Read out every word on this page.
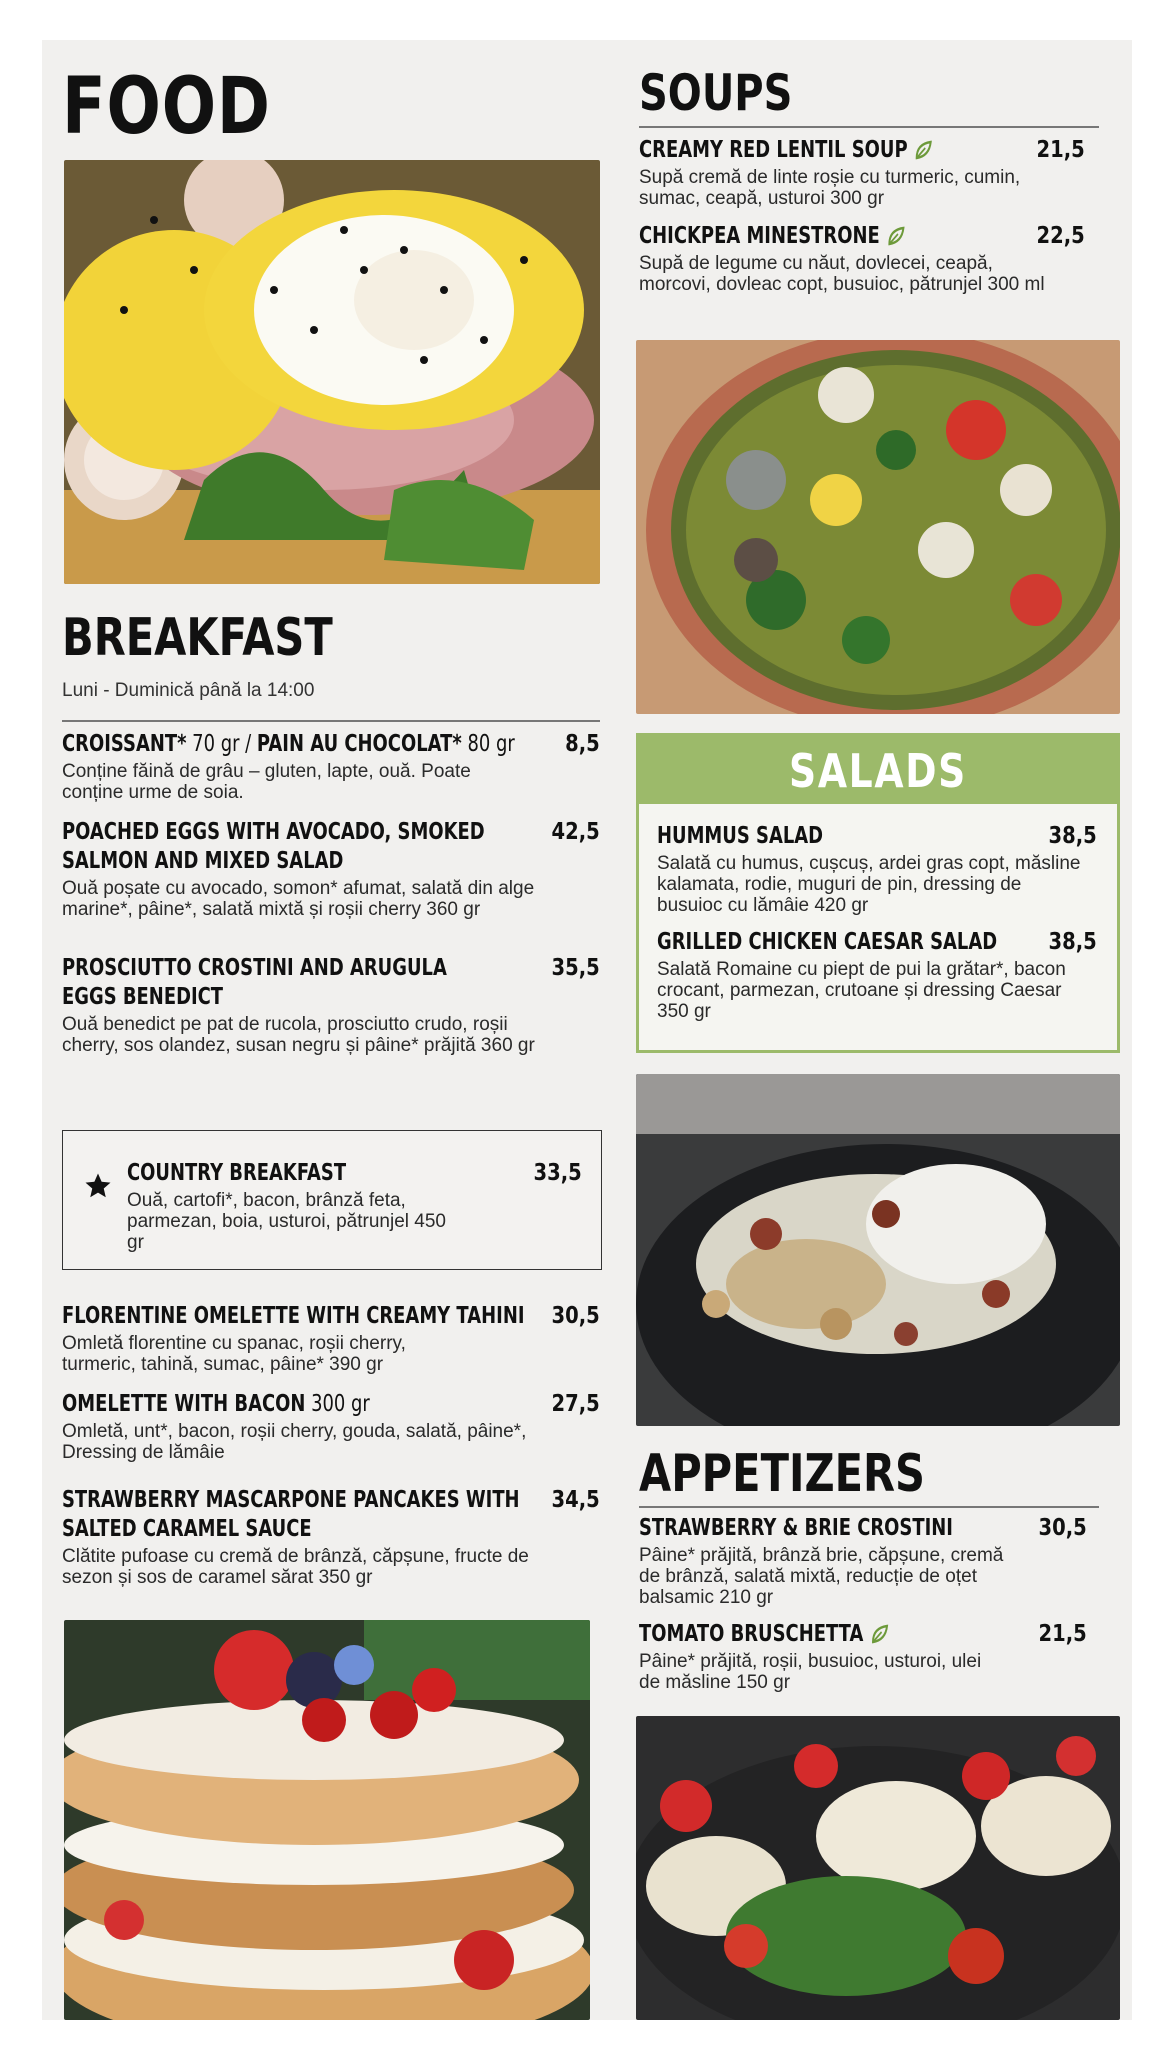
FOOD
BREAKFAST
Luni - Duminică până la 14:00
CROISSANT* 70 gr / PAIN AU CHOCOLAT* 80 gr 8,5
Conține făină de grâu – gluten, lapte, ouă. Poate conține urme de soia.
POACHED EGGS WITH AVOCADO, SMOKED
SALMON AND MIXED SALAD
42,5
Ouă poșate cu avocado, somon* afumat, salată din alge marine*, pâine*, salată mixtă și roșii cherry 360 gr
PROSCIUTTO CROSTINI AND ARUGULA
EGGS BENEDICT
35,5
Ouă benedict pe pat de rucola, prosciutto crudo, roșii cherry, sos olandez, susan negru și pâine* prăjită 360 gr
COUNTRY BREAKFAST	33,5
Ouă, cartofi*, bacon, brânză feta, parmezan, boia, usturoi, pătrunjel 450 gr
FLORENTINE OMELETTE WITH CREAMY TAHINI 30,5
Omletă florentine cu spanac, roșii cherry, turmeric, tahină, sumac, pâine* 390 gr
OMELETTE WITH BACON 300 gr	27,5
Omletă, unt*, bacon, roșii cherry, gouda, salată, pâine*, Dressing de lămâie
STRAWBERRY MASCARPONE PANCAKES WITH
SALTED CARAMEL SAUCE
34,5
Clătite pufoase cu cremă de brânză, căpșune, fructe de sezon și sos de caramel sărat 350 gr
SOUPS
CREAMY RED LENTIL SOUP	21,5
Supă cremă de linte roșie cu turmeric, cumin, sumac, ceapă, usturoi 300 gr
CHICKPEA MINESTRONE	22,5
Supă de legume cu năut, dovlecei, ceapă, morcovi, dovleac copt, busuioc, pătrunjel 300 ml
SALADS
HUMMUS SALAD	38,5
Salată cu humus, cușcuș, ardei gras copt, măsline kalamata, rodie, muguri de pin, dressing de busuioc cu lămâie 420 gr
GRILLED CHICKEN CAESAR SALAD 38,5
Salată Romaine cu piept de pui la grătar*, bacon crocant, parmezan, crutoane și dressing Caesar 350 gr
APPETIZERS
STRAWBERRY & BRIE CROSTINI	30,5
Pâine* prăjită, brânză brie, căpșune, cremă de brânză, salată mixtă, reducție de oțet balsamic 210 gr
TOMATO BRUSCHETTA	21,5
Pâine* prăjită, roșii, busuioc, usturoi, ulei de măsline 150 gr
